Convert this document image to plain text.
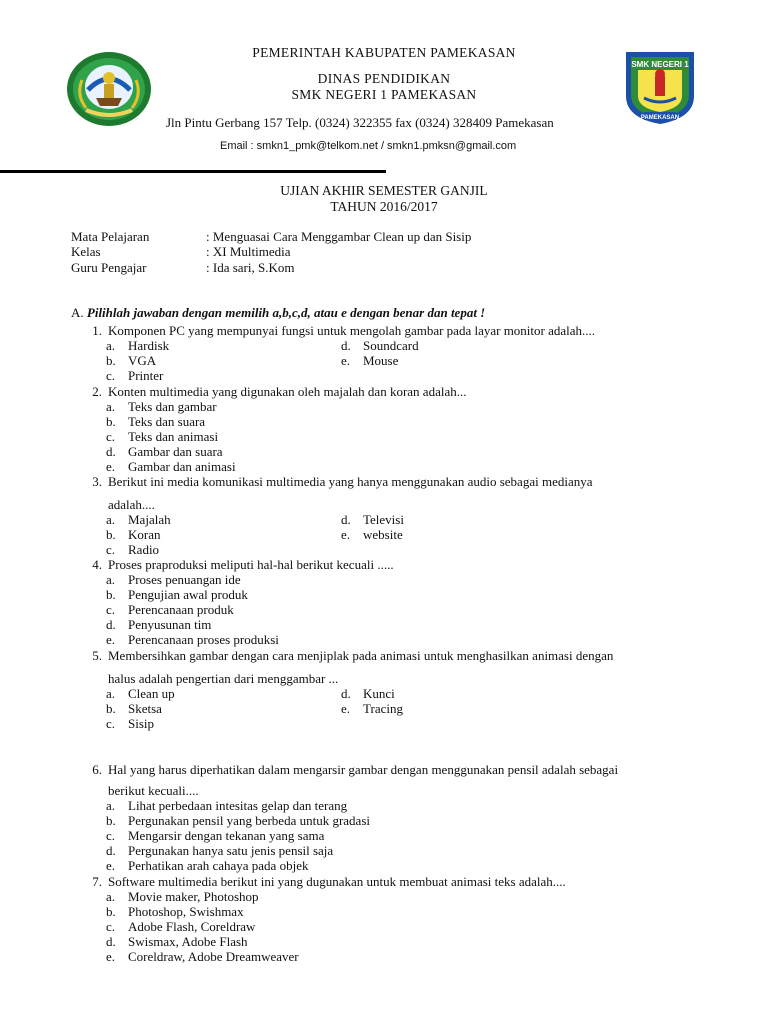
SMK NEGERI 1
PAMEKASAN
PEMERINTAH KABUPATEN PAMEKASAN
DINAS PENDIDIKAN
SMK NEGERI 1 PAMEKASAN
Jln Pintu Gerbang 157 Telp. (0324) 322355 fax (0324) 328409 Pamekasan
Email : smkn1_pmk@telkom.net / smkn1.pmksn@gmail.com
UJIAN AKHIR SEMESTER GANJIL
TAHUN 2016/2017
Mata Pelajaran	: Menguasai Cara Menggambar Clean up dan Sisip
Kelas	: XI Multimedia
Guru Pengajar	: Ida sari, S.Kom
A. Pilihlah jawaban dengan memilih a,b,c,d, atau e dengan benar dan tepat !
1. Komponen PC yang mempunyai fungsi untuk mengolah gambar pada layar monitor adalah....
a. Hardisk	d. Soundcard
b. VGA	e. Mouse
c. Printer
2. Konten multimedia yang digunakan oleh majalah dan koran adalah...
a. Teks dan gambar
b. Teks dan suara
c. Teks dan animasi
d. Gambar dan suara
e. Gambar dan animasi
3. Berikut ini media komunikasi multimedia yang hanya menggunakan audio sebagai medianya
adalah....
a. Majalah	d. Televisi
b. Koran	e. website
c. Radio
4. Proses praproduksi meliputi hal-hal berikut kecuali .....
a. Proses penuangan ide
b. Pengujian awal produk
c. Perencanaan produk
d. Penyusunan tim
e. Perencanaan proses produksi
5. Membersihkan gambar dengan cara menjiplak pada animasi untuk menghasilkan animasi dengan
halus adalah pengertian dari menggambar ...
a. Clean up	d. Kunci
b. Sketsa	e. Tracing
c. Sisip
6. Hal yang harus diperhatikan dalam mengarsir gambar dengan menggunakan pensil adalah sebagai
berikut kecuali....
a. Lihat perbedaan intesitas gelap dan terang
b. Pergunakan pensil yang berbeda untuk gradasi
c. Mengarsir dengan tekanan yang sama
d. Pergunakan hanya satu jenis pensil saja
e. Perhatikan arah cahaya pada objek
7. Software multimedia berikut ini yang dugunakan untuk membuat animasi teks adalah....
a. Movie maker, Photoshop
b. Photoshop, Swishmax
c. Adobe Flash, Coreldraw
d. Swismax, Adobe Flash
e. Coreldraw, Adobe Dreamweaver
